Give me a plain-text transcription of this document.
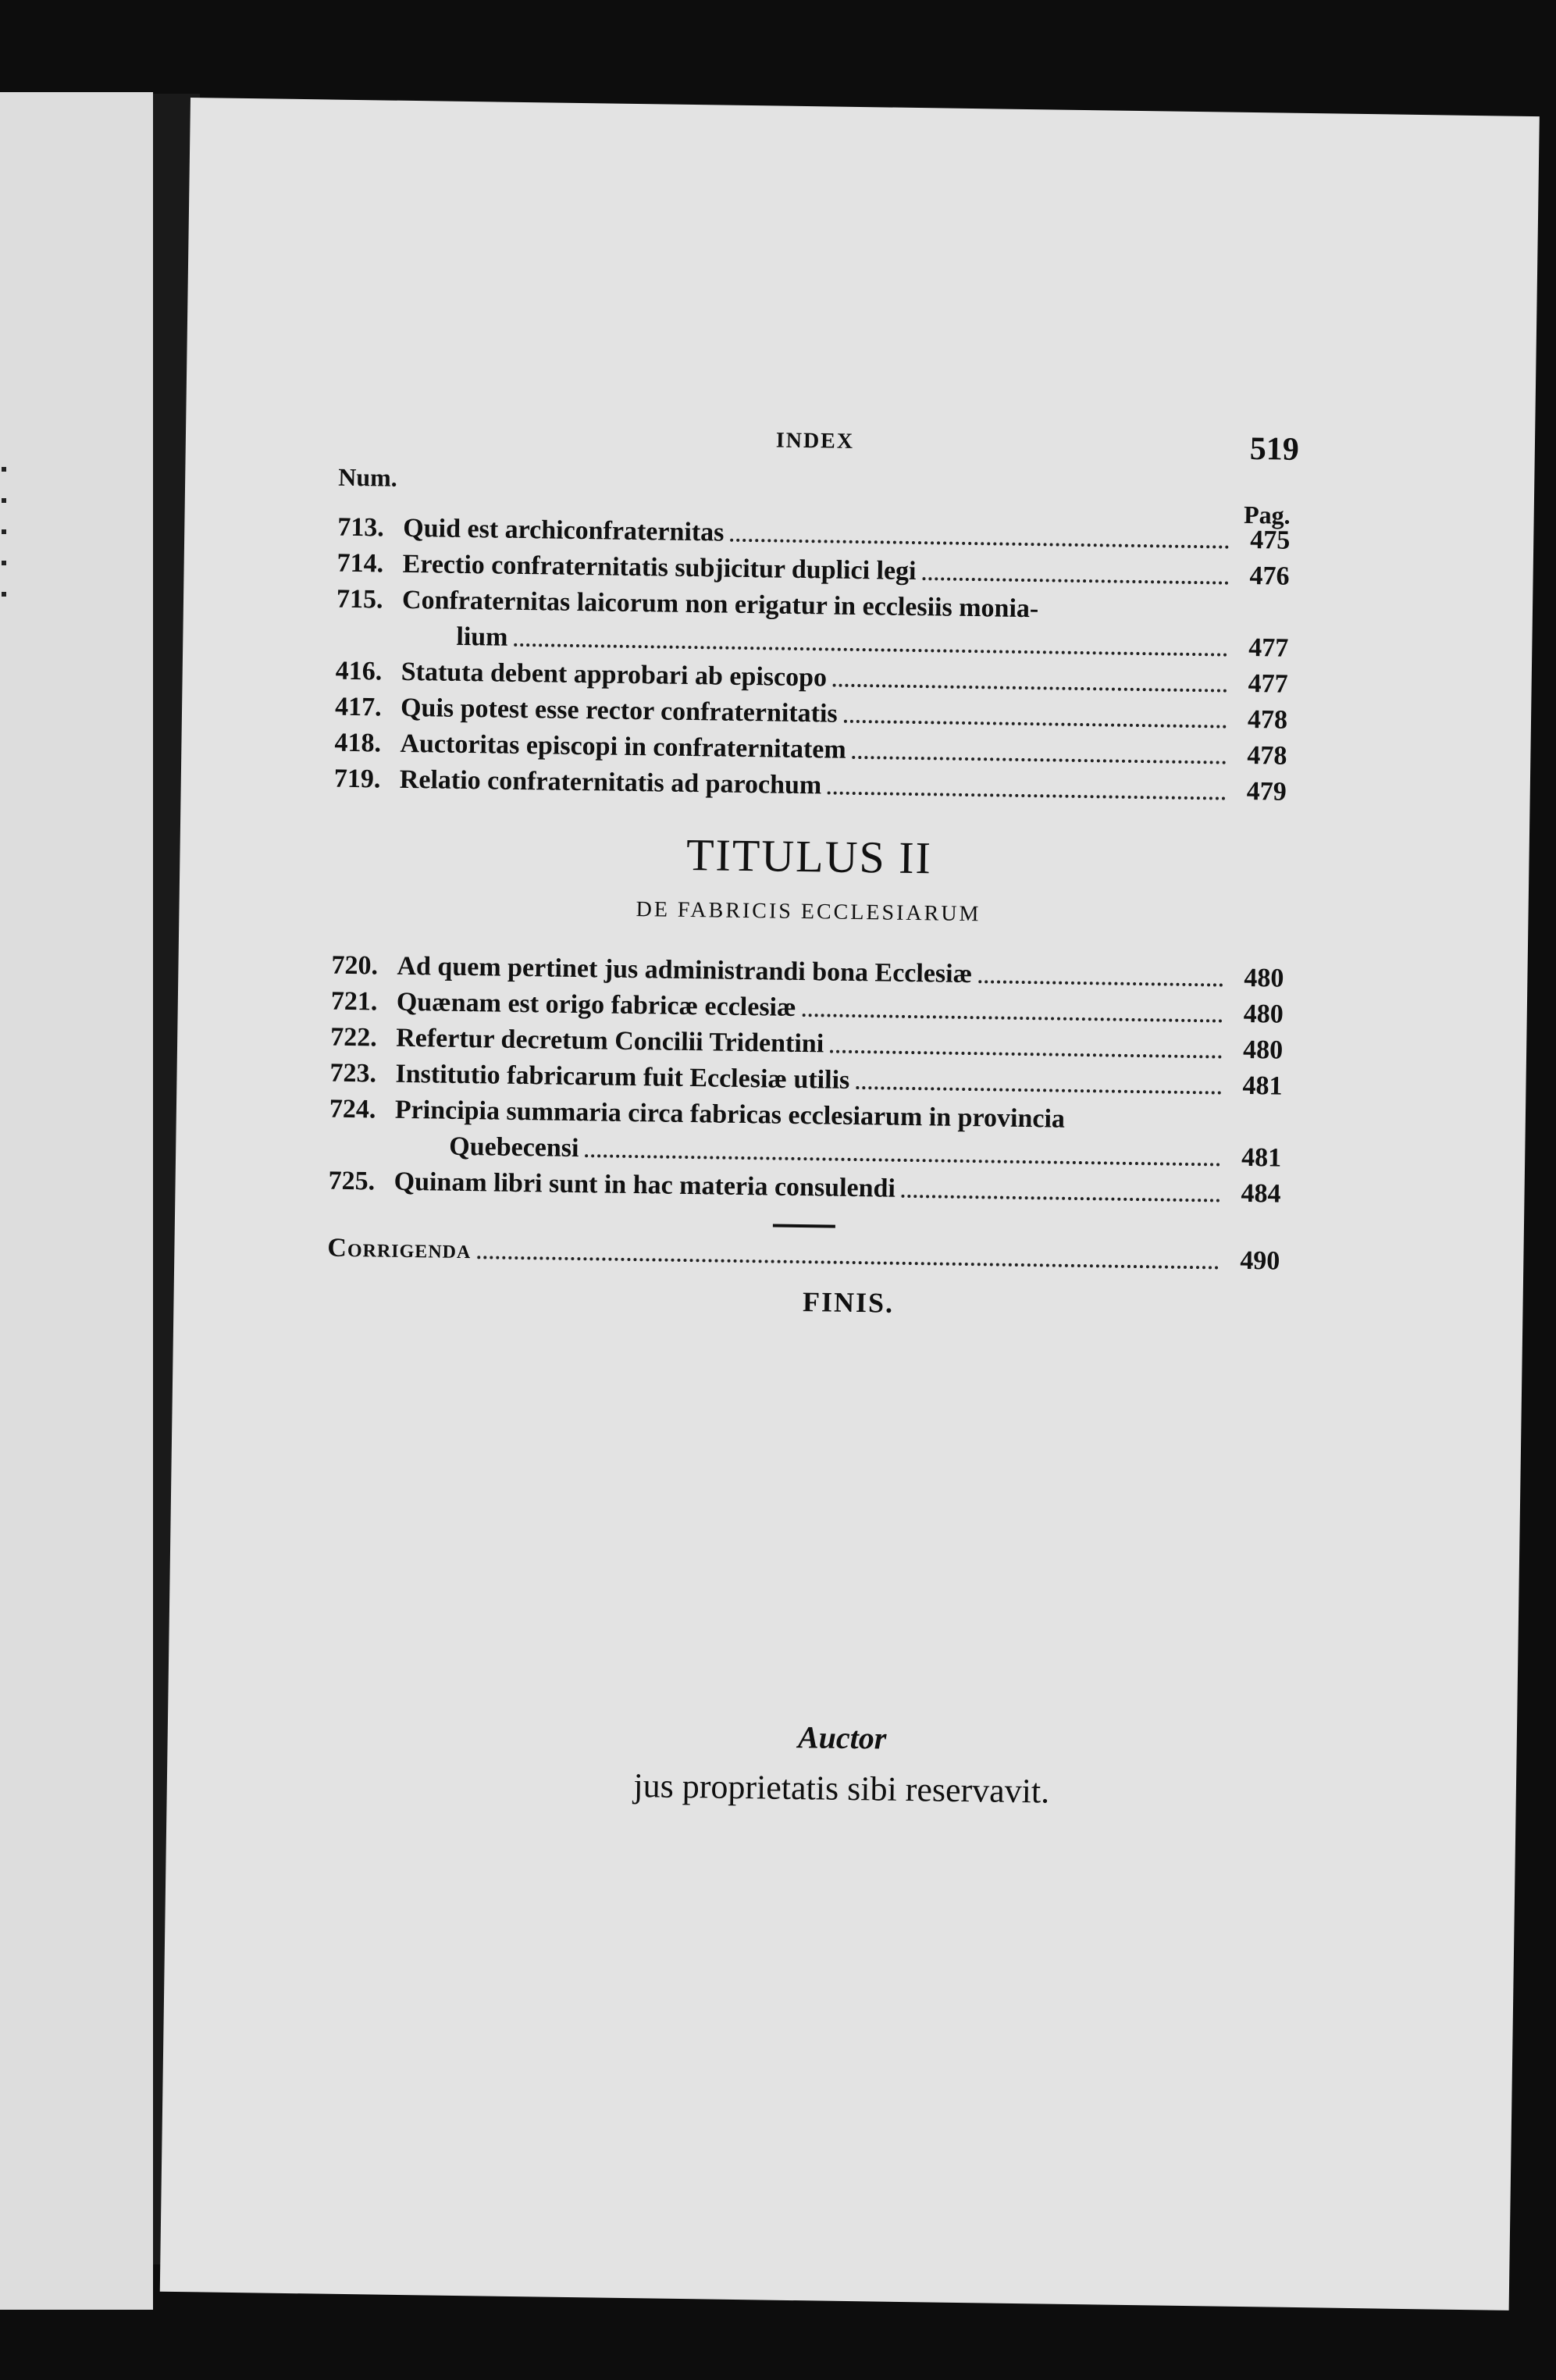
INDEX	519
Num.
Pag.
713. Quid est archiconfraternitas	475
714. Erectio confraternitatis subjicitur duplici legi	476
715. Confraternitas laicorum non erigatur in ecclesiis monia-
lium	477
416. Statuta debent approbari ab episcopo	477
417. Quis potest esse rector confraternitatis	478
418. Auctoritas episcopi in confraternitatem	478
719. Relatio confraternitatis ad parochum	479
TITULUS II
DE FABRICIS ECCLESIARUM
720. Ad quem pertinet jus administrandi bona Ecclesiæ	480
721. Quænam est origo fabricæ ecclesiæ	480
722. Refertur decretum Concilii Tridentini	480
723. Institutio fabricarum fuit Ecclesiæ utilis	481
724. Principia summaria circa fabricas ecclesiarum in provincia
Quebecensi	481
725. Quinam libri sunt in hac materia consulendi	484
Corrigenda	490
FINIS.
Auctor
jus proprietatis sibi reservavit.
